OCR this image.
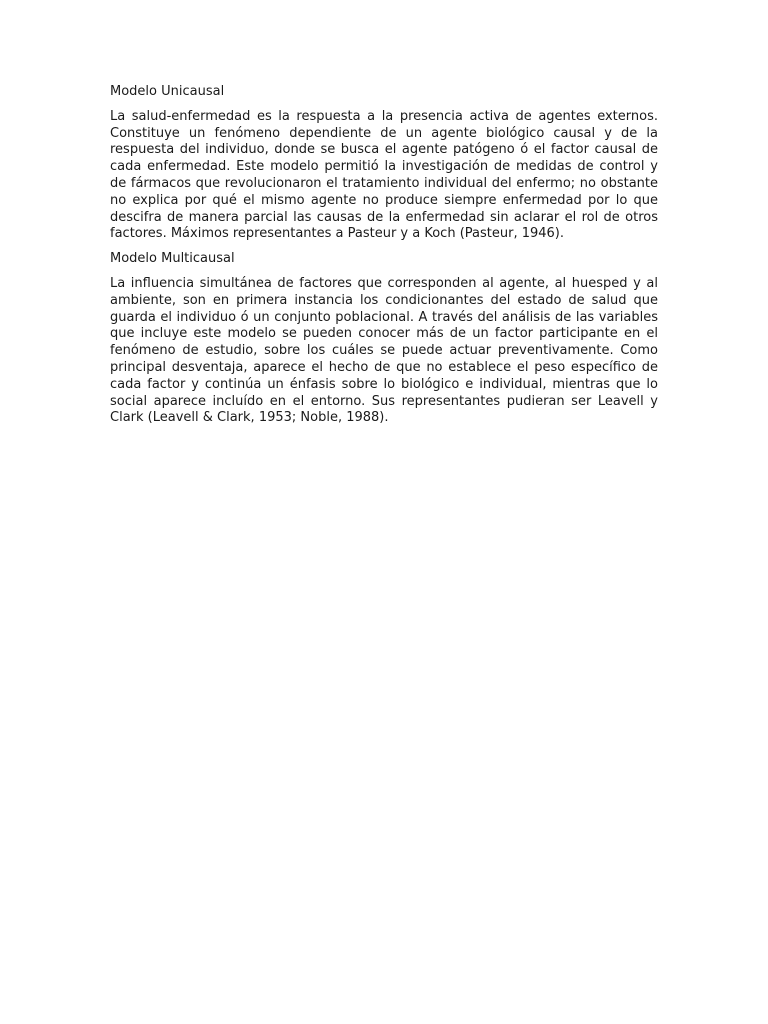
Modelo Unicausal

La salud-enfermedad es la respuesta a la presencia activa de agentes externos. Constituye un fenómeno dependiente de un agente biológico causal y de la respuesta del individuo, donde se busca el agente patógeno ó el factor causal de cada enfermedad. Este modelo permitió la investigación de medidas de control y de fármacos que revolucionaron el tratamiento individual del enfermo; no obstante no explica por qué el mismo agente no produce siempre enfermedad por lo que descifra de manera parcial las causas de la enfermedad sin aclarar el rol de otros factores. Máximos representantes a Pasteur y a Koch (Pasteur, 1946).

Modelo Multicausal

La influencia simultánea de factores que corresponden al agente, al huesped y al ambiente, son en primera instancia los condicionantes del estado de salud que guarda el individuo ó un conjunto poblacional. A través del análisis de las variables que incluye este modelo se pueden conocer más de un factor participante en el fenómeno de estudio, sobre los cuáles se puede actuar preventivamente. Como principal desventaja, aparece el hecho de que no establece el peso específico de cada factor y continúa un énfasis sobre lo biológico e individual, mientras que lo social aparece incluído en el entorno. Sus representantes pudieran ser Leavell y Clark (Leavell & Clark, 1953; Noble, 1988).
